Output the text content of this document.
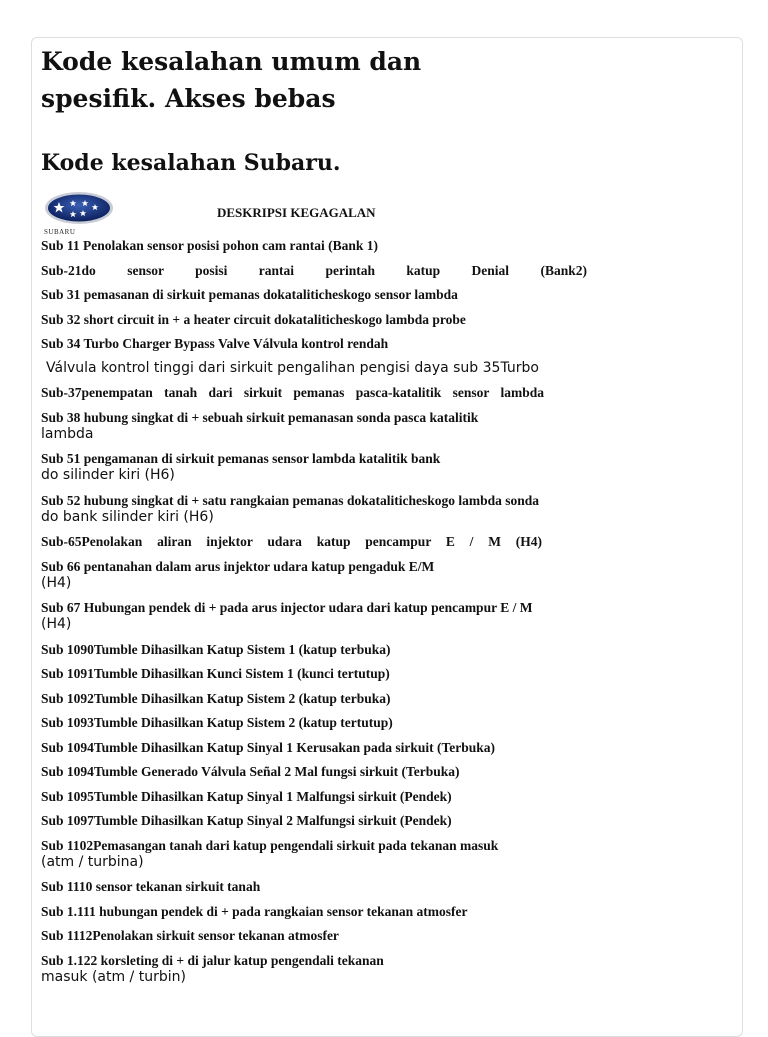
Kode kesalahan umum dan spesifik. Akses bebas
Kode kesalahan Subaru.
SUBARU
DESKRIPSI KEGAGALAN

Sub 11 Penolakan sensor posisi pohon cam rantai (Bank 1)

Sub-21do sensor posisi rantai perintah katup Denial (Bank2)

Sub 31 pemasanan di sirkuit pemanas dokataliticheskogo sensor lambda

Sub 32 short circuit in + a heater circuit dokataliticheskogo lambda probe

Sub 34 Turbo Charger Bypass Valve Válvula kontrol rendah

Válvula kontrol tinggi dari sirkuit pengalihan pengisi daya sub 35Turbo

Sub-37penempatan tanah dari sirkuit pemanas pasca-katalitik sensor lambda

Sub 38 hubung singkat di + sebuah sirkuit pemanasan sonda pasca katalitik
lambda

Sub 51 pengamanan di sirkuit pemanas sensor lambda katalitik bank
do silinder kiri (H6)

Sub 52 hubung singkat di + satu rangkaian pemanas dokataliticheskogo lambda sonda
do bank silinder kiri (H6)

Sub-65Penolakan aliran injektor udara katup pencampur E / M (H4)

Sub 66 pentanahan dalam arus injektor udara katup pengaduk E/M
(H4)

Sub 67 Hubungan pendek di + pada arus injector udara dari katup pencampur E / M
(H4)

Sub 1090Tumble Dihasilkan Katup Sistem 1 (katup terbuka)

Sub 1091Tumble Dihasilkan Kunci Sistem 1 (kunci tertutup)

Sub 1092Tumble Dihasilkan Katup Sistem 2 (katup terbuka)

Sub 1093Tumble Dihasilkan Katup Sistem 2 (katup tertutup)

Sub 1094Tumble Dihasilkan Katup Sinyal 1 Kerusakan pada sirkuit (Terbuka)

Sub 1094Tumble Generado Válvula Señal 2 Mal fungsi sirkuit (Terbuka)

Sub 1095Tumble Dihasilkan Katup Sinyal 1 Malfungsi sirkuit (Pendek)

Sub 1097Tumble Dihasilkan Katup Sinyal 2 Malfungsi sirkuit (Pendek)

Sub 1102Pemasangan tanah dari katup pengendali sirkuit pada tekanan masuk
(atm / turbina)

Sub 1110 sensor tekanan sirkuit tanah

Sub 1.111 hubungan pendek di + pada rangkaian sensor tekanan atmosfer

Sub 1112Penolakan sirkuit sensor tekanan atmosfer

Sub 1.122 korsleting di + di jalur katup pengendali tekanan
masuk (atm / turbin)
